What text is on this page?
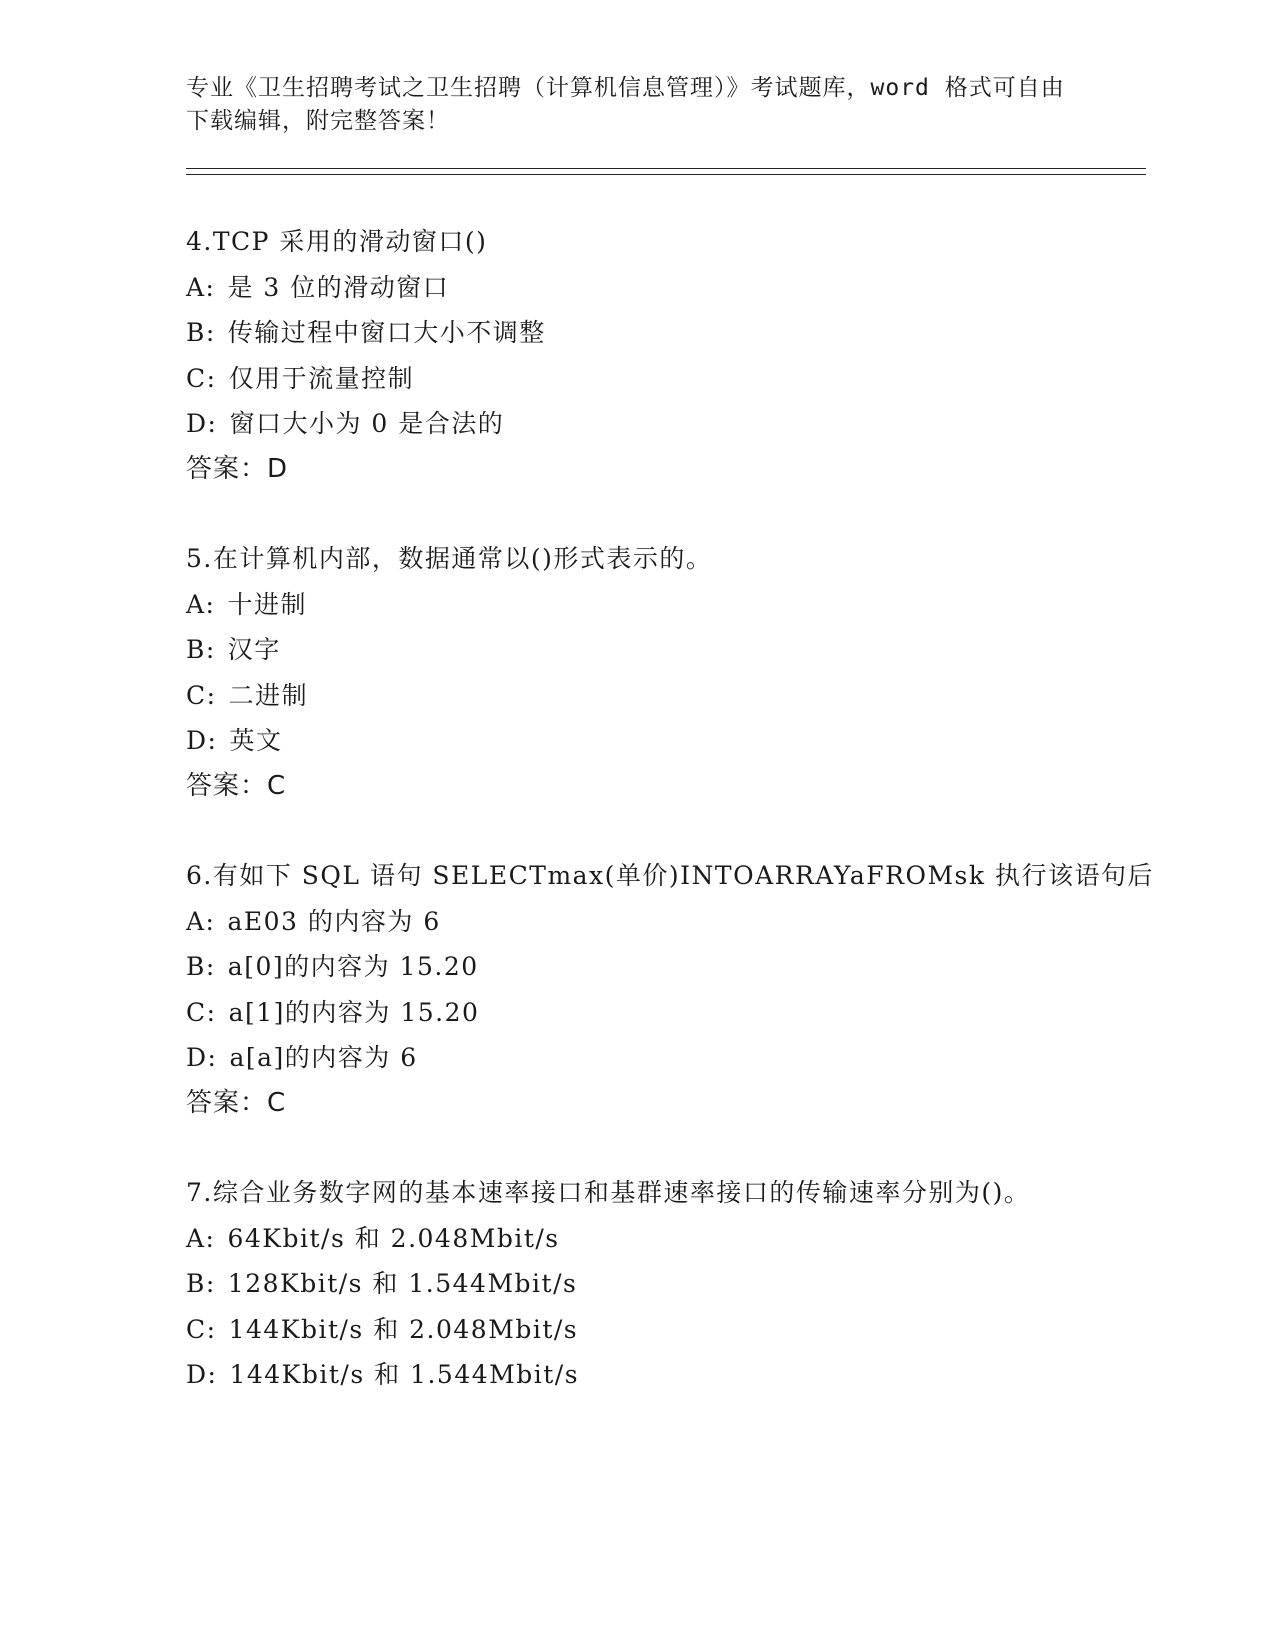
专业《卫生招聘考试之卫生招聘（计算机信息管理）》考试题库，word 格式可自由下载编辑，附完整答案！

4.TCP 采用的滑动窗口()
A: 是 3 位的滑动窗口
B: 传输过程中窗口大小不调整
C: 仅用于流量控制
D: 窗口大小为 0 是合法的
答案：D
5.在计算机内部，数据通常以()形式表示的。
A: 十进制
B: 汉字
C: 二进制
D: 英文
答案：C
6.有如下 SQL 语句 SELECTmax(单价)INTOARRAYaFROMsk 执行该语句后
A: aE03 的内容为 6
B: a[0]的内容为 15.20
C: a[1]的内容为 15.20
D: a[a]的内容为 6
答案：C
7.综合业务数字网的基本速率接口和基群速率接口的传输速率分别为()。
A: 64Kbit/s 和 2.048Mbit/s
B: 128Kbit/s 和 1.544Mbit/s
C: 144Kbit/s 和 2.048Mbit/s
D: 144Kbit/s 和 1.544Mbit/s
